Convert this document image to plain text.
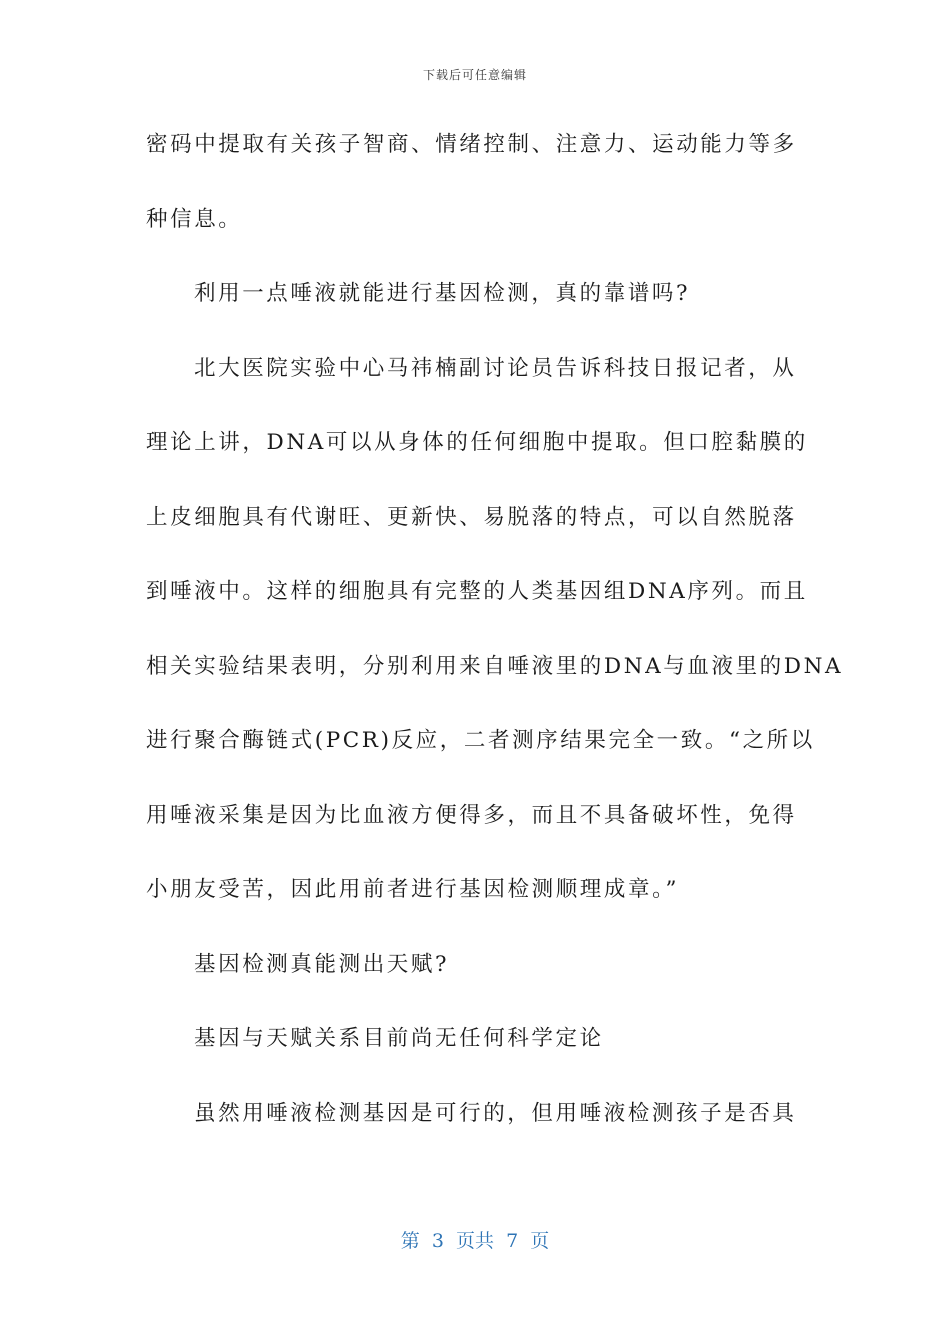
下载后可任意编辑
密码中提取有关孩子智商、情绪控制、注意力、运动能力等多
种信息。
利用一点唾液就能进行基因检测，真的靠谱吗?
北大医院实验中心马祎楠副讨论员告诉科技日报记者，从
理论上讲，DNA可以从身体的任何细胞中提取。但口腔黏膜的
上皮细胞具有代谢旺、更新快、易脱落的特点，可以自然脱落
到唾液中。这样的细胞具有完整的人类基因组DNA序列。而且
相关实验结果表明，分别利用来自唾液里的DNA与血液里的DNA
进行聚合酶链式(PCR)反应，二者测序结果完全一致。“之所以
用唾液采集是因为比血液方便得多，而且不具备破坏性，免得
小朋友受苦，因此用前者进行基因检测顺理成章。”
基因检测真能测出天赋?
基因与天赋关系目前尚无任何科学定论
虽然用唾液检测基因是可行的，但用唾液检测孩子是否具
第  3  页共  7  页
